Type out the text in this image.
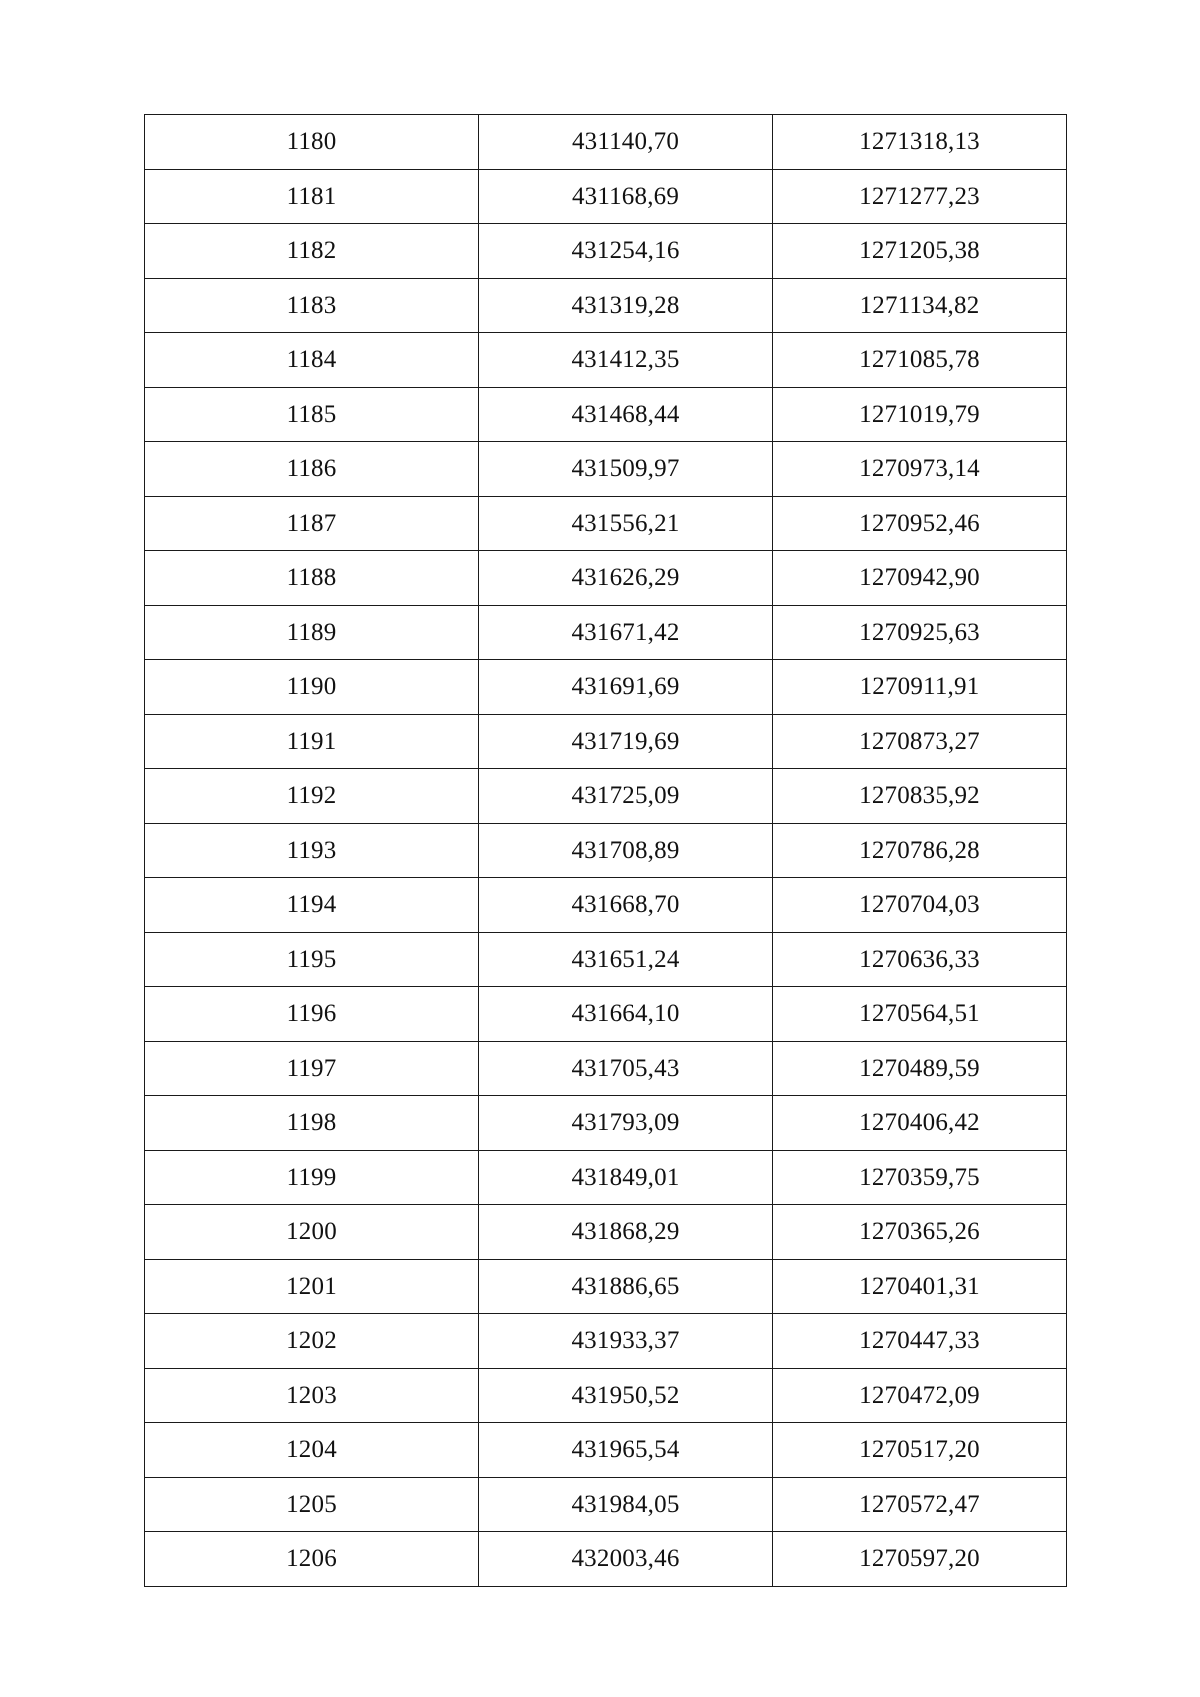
1180	431140,70	1271318,13
1181	431168,69	1271277,23
1182	431254,16	1271205,38
1183	431319,28	1271134,82
1184	431412,35	1271085,78
1185	431468,44	1271019,79
1186	431509,97	1270973,14
1187	431556,21	1270952,46
1188	431626,29	1270942,90
1189	431671,42	1270925,63
1190	431691,69	1270911,91
1191	431719,69	1270873,27
1192	431725,09	1270835,92
1193	431708,89	1270786,28
1194	431668,70	1270704,03
1195	431651,24	1270636,33
1196	431664,10	1270564,51
1197	431705,43	1270489,59
1198	431793,09	1270406,42
1199	431849,01	1270359,75
1200	431868,29	1270365,26
1201	431886,65	1270401,31
1202	431933,37	1270447,33
1203	431950,52	1270472,09
1204	431965,54	1270517,20
1205	431984,05	1270572,47
1206	432003,46	1270597,20
